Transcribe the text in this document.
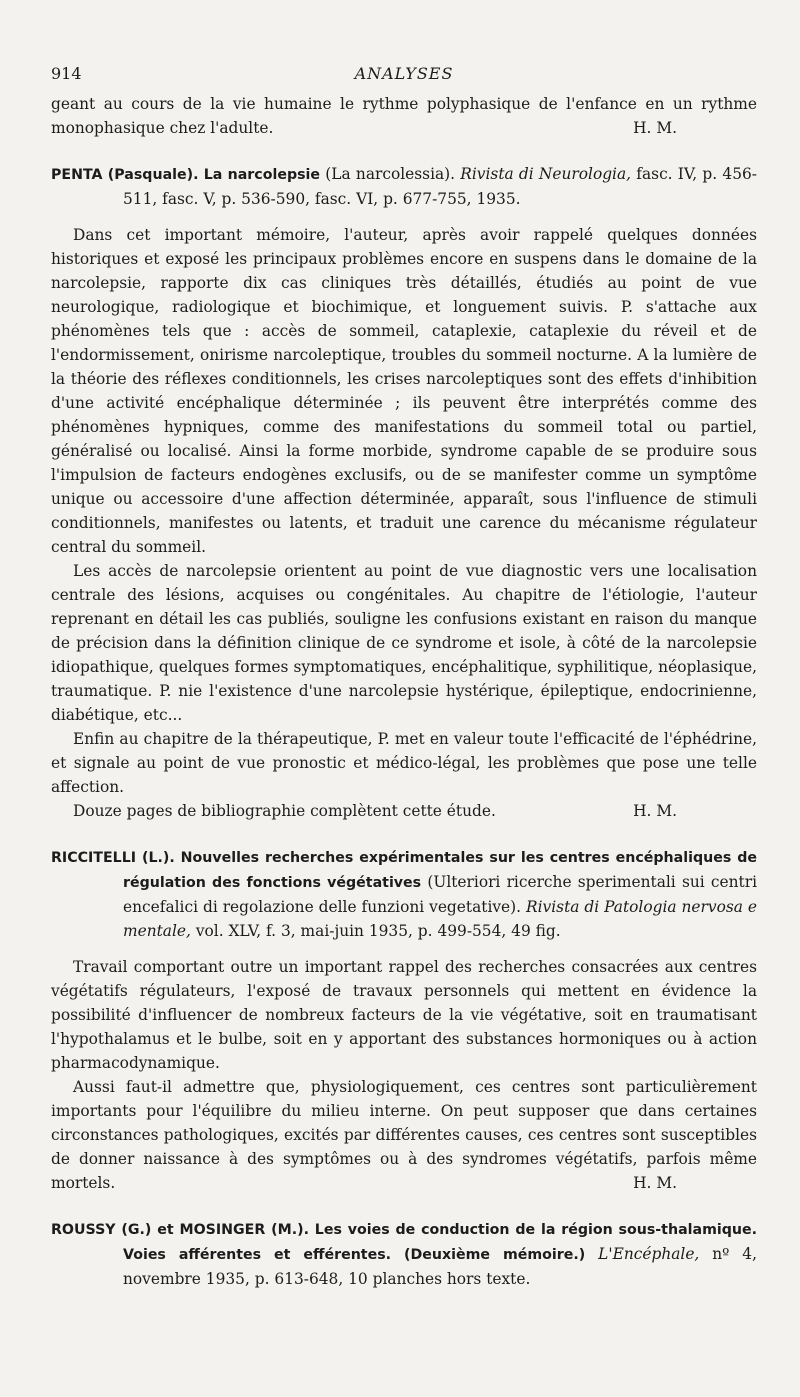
914	ANALYSES

geant au cours de la vie humaine le rythme polyphasique de l'enfance en un rythme monophasique chez l'adulte.	H. M.

PENTA (Pasquale). La narcolepsie (La narcolessia). Rivista di Neurologia, fasc. IV, p. 456-511, fasc. V, p. 536-590, fasc. VI, p. 677-755, 1935.

Dans cet important mémoire, l'auteur, après avoir rappelé quelques données historiques et exposé les principaux problèmes encore en suspens dans le domaine de la narcolepsie, rapporte dix cas cliniques très détaillés, étudiés au point de vue neurologique, radiologique et biochimique, et longuement suivis. P. s'attache aux phénomènes tels que : accès de sommeil, cataplexie, cataplexie du réveil et de l'endormissement, onirisme narcoleptique, troubles du sommeil nocturne. A la lumière de la théorie des réflexes conditionnels, les crises narcoleptiques sont des effets d'inhibition d'une activité encéphalique déterminée ; ils peuvent être interprétés comme des phénomènes hypniques, comme des manifestations du sommeil total ou partiel, généralisé ou localisé. Ainsi la forme morbide, syndrome capable de se produire sous l'impulsion de facteurs endogènes exclusifs, ou de se manifester comme un symptôme unique ou accessoire d'une affection déterminée, apparaît, sous l'influence de stimuli conditionnels, manifestes ou latents, et traduit une carence du mécanisme régulateur central du sommeil.

Les accès de narcolepsie orientent au point de vue diagnostic vers une localisation centrale des lésions, acquises ou congénitales. Au chapitre de l'étiologie, l'auteur reprenant en détail les cas publiés, souligne les confusions existant en raison du manque de précision dans la définition clinique de ce syndrome et isole, à côté de la narcolepsie idiopathique, quelques formes symptomatiques, encéphalitique, syphilitique, néoplasique, traumatique. P. nie l'existence d'une narcolepsie hystérique, épileptique, endocrinienne, diabétique, etc...

Enfin au chapitre de la thérapeutique, P. met en valeur toute l'efficacité de l'éphédrine, et signale au point de vue pronostic et médico-légal, les problèmes que pose une telle affection.

Douze pages de bibliographie complètent cette étude.	H. M.

RICCITELLI (L.). Nouvelles recherches expérimentales sur les centres encéphaliques de régulation des fonctions végétatives (Ulteriori ricerche sperimentali sui centri encefalici di regolazione delle funzioni vegetative). Rivista di Patologia nervosa e mentale, vol. XLV, f. 3, mai-juin 1935, p. 499-554, 49 fig.

Travail comportant outre un important rappel des recherches consacrées aux centres végétatifs régulateurs, l'exposé de travaux personnels qui mettent en évidence la possibilité d'influencer de nombreux facteurs de la vie végétative, soit en traumatisant l'hypothalamus et le bulbe, soit en y apportant des substances hormoniques ou à action pharmacodynamique.

Aussi faut-il admettre que, physiologiquement, ces centres sont particulièrement importants pour l'équilibre du milieu interne. On peut supposer que dans certaines circonstances pathologiques, excités par différentes causes, ces centres sont susceptibles de donner naissance à des symptômes ou à des syndromes végétatifs, parfois même mortels.	H. M.

ROUSSY (G.) et MOSINGER (M.). Les voies de conduction de la région sous-thalamique. Voies afférentes et efférentes. (Deuxième mémoire.) L'Encéphale, nº 4, novembre 1935, p. 613-648, 10 planches hors texte.
